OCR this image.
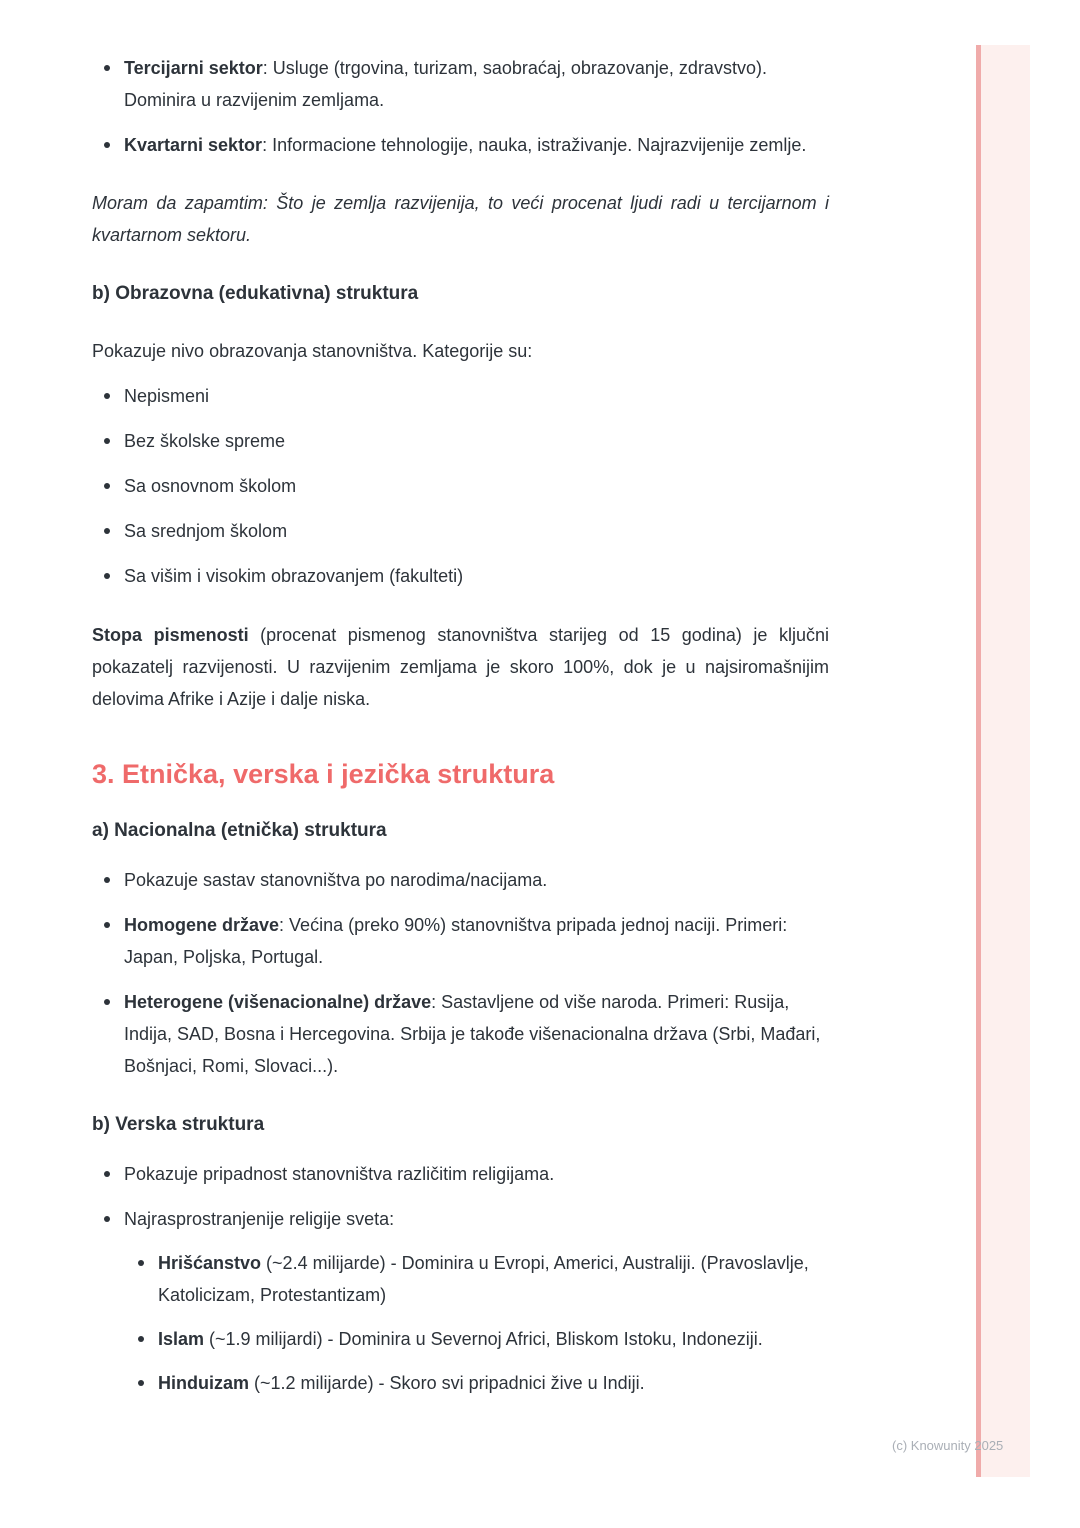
Tercijarni sektor: Usluge (trgovina, turizam, saobraćaj, obrazovanje, zdravstvo). Dominira u razvijenim zemljama.
Kvartarni sektor: Informacione tehnologije, nauka, istraživanje. Najrazvijenije zemlje.

Moram da zapamtim: Što je zemlja razvijenija, to veći procenat ljudi radi u tercijarnom i kvartarnom sektoru.

b) Obrazovna (edukativna) struktura

Pokazuje nivo obrazovanja stanovništva. Kategorije su:

Nepismeni
Bez školske spreme
Sa osnovnom školom
Sa srednjom školom
Sa višim i visokim obrazovanjem (fakulteti)

Stopa pismenosti (procenat pismenog stanovništva starijeg od 15 godina) je ključni pokazatelj razvijenosti. U razvijenim zemljama je skoro 100%, dok je u najsiromašnijim delovima Afrike i Azije i dalje niska.

3. Etnička, verska i jezička struktura
a) Nacionalna (etnička) struktura
Pokazuje sastav stanovništva po narodima/nacijama.
Homogene države: Većina (preko 90%) stanovništva pripada jednoj naciji. Primeri: Japan, Poljska, Portugal.
Heterogene (višenacionalne) države: Sastavljene od više naroda. Primeri: Rusija, Indija, SAD, Bosna i Hercegovina. Srbija je takođe višenacionalna država (Srbi, Mađari, Bošnjaci, Romi, Slovaci...).
b) Verska struktura
Pokazuje pripadnost stanovništva različitim religijama.
Najrasprostranjenije religije sveta:
Hrišćanstvo (~2.4 milijarde) - Dominira u Evropi, Americi, Australiji. (Pravoslavlje, Katolicizam, Protestantizam)
Islam (~1.9 milijardi) - Dominira u Severnoj Africi, Bliskom Istoku, Indoneziji.
Hinduizam (~1.2 milijarde) - Skoro svi pripadnici žive u Indiji.
(c) Knowunity 2025
